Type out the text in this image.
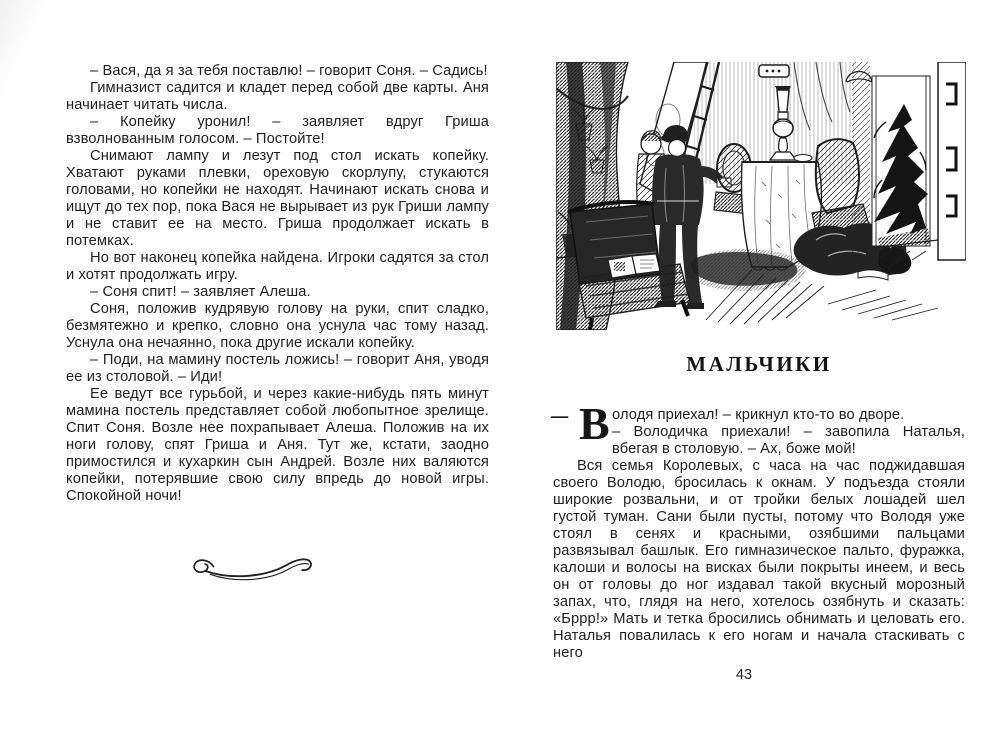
– Вася, да я за тебя поставлю! – говорит Соня. – Садись!

Гимназист садится и кладет перед собой две карты. Аня начинает читать числа.

– Копейку уронил! – заявляет вдруг Гриша взволнованным голосом. – Постойте!

Снимают лампу и лезут под стол искать копейку. Хватают руками плевки, ореховую скорлупу, стукаются головами, но копейки не находят. Начинают искать снова и ищут до тех пор, пока Вася не вырывает из рук Гриши лампу и не ставит ее на место. Гриша продолжает искать в потемках.

Но вот наконец копейка найдена. Игроки садятся за стол и хотят продолжать игру.

– Соня спит! – заявляет Алеша.

Соня, положив кудрявую голову на руки, спит сладко, безмятежно и крепко, словно она уснула час тому назад. Уснула она нечаянно, пока другие искали копейку.

– Поди, на мамину постель ложись! – говорит Аня, уводя ее из столовой. – Иди!

Ее ведут все гурьбой, и через какие-нибудь пять минут мамина постель представляет собой любопытное зрелище. Спит Соня. Возле нее похрапывает Алеша. Положив на их ноги голову, спят Гриша и Аня. Тут же, кстати, заодно примостился и кухаркин сын Андрей. Возле них валяются копейки, потерявшие свою силу впредь до новой игры. Спокойной ночи!

МАЛЬЧИКИ
– В олодя приехал! – крикнул кто-то во дворе.

– Володичка приехали! – завопила Наталья, вбегая в столовую. – Ах, боже мой!

Вся семья Королевых, с часа на час поджидавшая своего Володю, бросилась к окнам. У подъезда стояли широкие розвальни, и от тройки белых лошадей шел густой туман. Сани были пусты, потому что Володя уже стоял в сенях и красными, озябшими пальцами развязывал башлык. Его гимназическое пальто, фуражка, калоши и волосы на висках были покрыты инеем, и весь он от головы до ног издавал такой вкусный морозный запах, что, глядя на него, хотелось озябнуть и сказать: «Бррр!» Мать и тетка бросились обнимать и целовать его. Наталья повалилась к его ногам и начала стаскивать с него

43
